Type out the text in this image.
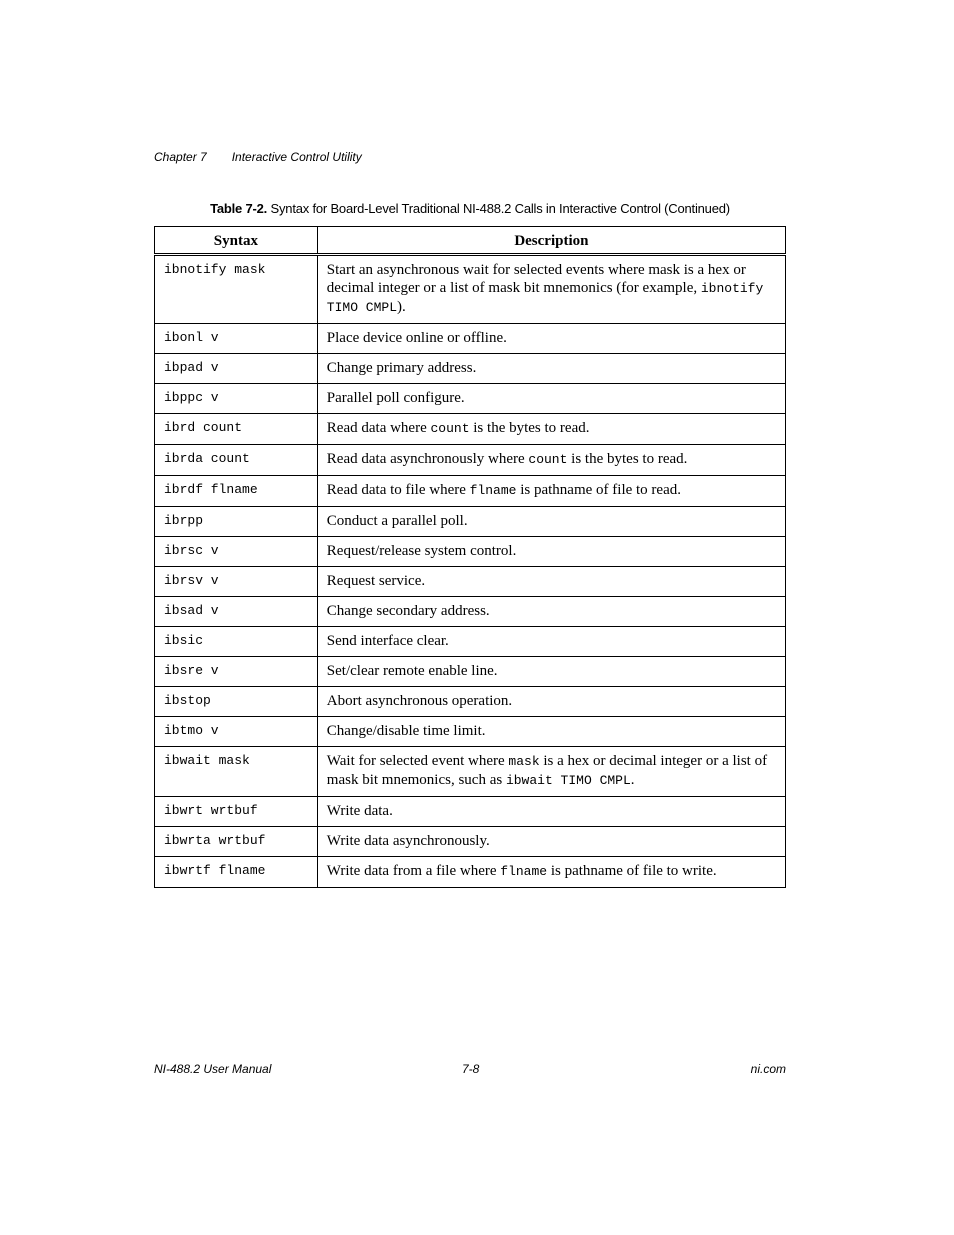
Chapter 7 Interactive Control Utility
Table 7-2. Syntax for Board-Level Traditional NI-488.2 Calls in Interactive Control (Continued)
Syntax	Description
ibnotify mask	Start an asynchronous wait for selected events where mask is a hex or decimal integer or a list of mask bit mnemonics (for example, ibnotify TIMO CMPL).
ibonl v	Place device online or offline.
ibpad v	Change primary address.
ibppc v	Parallel poll configure.
ibrd count	Read data where count is the bytes to read.
ibrda count	Read data asynchronously where count is the bytes to read.
ibrdf flname	Read data to file where flname is pathname of file to read.
ibrpp	Conduct a parallel poll.
ibrsc v	Request/release system control.
ibrsv v	Request service.
ibsad v	Change secondary address.
ibsic	Send interface clear.
ibsre v	Set/clear remote enable line.
ibstop	Abort asynchronous operation.
ibtmo v	Change/disable time limit.
ibwait mask	Wait for selected event where mask is a hex or decimal integer or a list of mask bit mnemonics, such as ibwait TIMO CMPL.
ibwrt wrtbuf	Write data.
ibwrta wrtbuf	Write data asynchronously.
ibwrtf flname	Write data from a file where flname is pathname of file to write.
NI-488.2 User Manual	7-8	ni.com
